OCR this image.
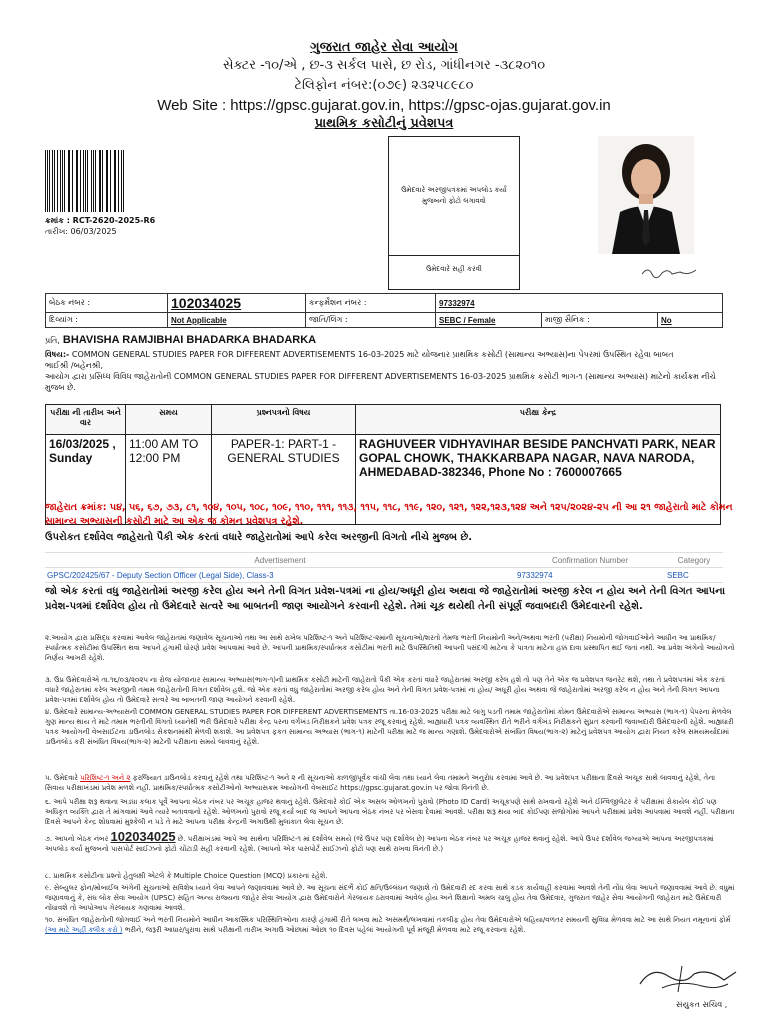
ગુજરાત જાહેર સેવા આયોગ
સેક્ટર -૧૦/એ , છ-૩ સર્કલ પાસે, છ રોડ, ગાંધીનગર -૩૮૨૦૧૦
ટેલિફોન નંબર:(૦૭૯) ૨૩૨૫૮૯૮૦
Web Site : https://gpsc.gujarat.gov.in, https://gpsc-ojas.gujarat.gov.in
પ્રાથમિક કસોટીનું પ્રવેશપત્ર
ક્રમાંક : RCT-2620-2025-R6
તારીખ: 06/03/2025
ઉમેદવારે અરજીપત્રકમાં અપલોડ કર્યા મુજબનો ફોટો લગાવવો
ઉમેદવારે સહી કરવી
બેઠક નંબર :	102034025	કન્ફર્મેશન નંબર :	97332974		
દિવ્યાંગ :	Not Applicable	જાતિ/લિંગ :	SEBC / Female	માજી સૈનિક :	No
પ્રતિ, BHAVISHA RAMJIBHAI BHADARKA BHADARKA
વિષય:- COMMON GENERAL STUDIES PAPER FOR DIFFERENT ADVERTISEMENTS 16-03-2025 માટે યોજનાર પ્રાથમિક કસોટી (સામાન્ય અભ્યાસ)ના પેપરમાં ઉપસ્થિત રહેવા બાબત
ભાઈશ્રી /બહેનશ્રી,
આયોગ દ્વારા પ્રસિધ્ધ વિવિધ જાહેરાતોની COMMON GENERAL STUDIES PAPER FOR DIFFERENT ADVERTISEMENTS 16-03-2025 પ્રાથમિક કસોટી ભાગ-૧ (સામાન્ય અભ્યાસ) માટેનો કાર્યક્રમ નીચે મુજબ છે.
પરીક્ષા ની તારીખ અને વાર	સમય	પ્રશ્નપત્રનો વિષય	પરીક્ષા કેન્દ્ર
16/03/2025 , Sunday	11:00 AM TO 12:00 PM	PAPER-1: PART-1 - GENERAL STUDIES	RAGHUVEER VIDHYAVIHAR BESIDE PANCHVATI PARK, NEAR GOPAL CHOWK, THAKKARBAPA NAGAR, NAVA NARODA, AHMEDABAD-382346, Phone No : 7600007665
જાહેરાત ક્રમાંક: ૫૪, ૫૬, ૬૭, ૭૩, ૮૧, ૧૦૪, ૧૦૫, ૧૦૮, ૧૦૯, ૧૧૦, ૧૧૧, ૧૧૩, ૧૧૫, ૧૧૮, ૧૧૯, ૧૨૦, ૧૨૧, ૧૨૨,૧૨૩,૧૨૪ અને ૧૨૫/૨૦૨૪-૨૫ ની આ ૨૧ જાહેરાતો માટે કોમન સામાન્ય અભ્યાસની કસોટી માટે આ એક જ કોમન પ્રવેશપત્ર રહેશે.
ઉપરોકત દર્શાવેલ જાહેરાતો પૈકી એક કરતાં વધારે જાહેરાતોમાં આપે કરેલ અરજીની વિગતો નીચે મુજબ છે.
Advertisement	Confirmation Number	Category
GPSC/202425/67 - Deputy Section Officer (Legal Side), Class-3	97332974	SEBC
જો એક કરતાં વધુ જાહેરાતોમાં અરજી કરેલ હોય અને તેની વિગત પ્રવેશ-પત્રમાં ના હોય/અધૂરી હોય અથવા જે જાહેરાતોમાં અરજી કરેલ ન હોય અને તેની વિગત આપના પ્રવેશ-પત્રમાં દર્શાવેલ હોય તો ઉમેદવારે સત્વરે આ બાબતની જાણ આયોગને કરવાની રહેશે. તેમાં ચૂક થયેથી તેની સંપૂર્ણ જવાબદારી ઉમેદવારની રહેશે.
૨.આયોગ દ્વારા પ્રસિદ્ધ કરવામાં આવેલ જાહેરાતમાં જણાવેલ સૂચનાઓ તથા આ સાથે રાખેલ પરિશિષ્ટ-૧ અને પરિશિષ્ટ-૨માંની સૂચનાઓ/શરતો તેમજ ભરતી નિયમોની અને/અથવા ભરતી (પરીક્ષા) નિયમોની જોગવાઈઓને આધીન આ પ્રાથમિક/સ્પર્ધાત્મક કસોટીમાં ઉપસ્થિત થવા આપને હંગામી ધોરણે પ્રવેશ આપવામાં આવે છે. આપની પ્રાથમિક/સ્પર્ધાત્મક કસોટીમાં ભરતી માટે ઉપસ્થિતિથી આપની પસંદગી માટેના કે પાત્રતા માટેના હક્ક દાવા પ્રસ્થાપિત થઈ જતાં નથી. આ પ્રવેશ અંગેનો આયોગનો નિર્ણય આખરી રહેશે.
૩. ઉપ્ર ઉમેદવારોએ તા.૧૬/૦૩/૨૦૨૫ ના રોજ યોજાનાર સામાન્ય અભ્યાસ(ભાગ-૧)ની પ્રાથમિક કસોટી માટેની જાહેરાતો પૈકી એક કરતાં વધારે જાહેરાતમાં અરજી કરેલ હશે તો પણ તેને એક જ પ્રવેશપત્ર જનરેટ થશે, તથા તે પ્રવેશપત્રમાં એક કરતાં વધારે જાહેરાતમાં કરેલ અરજીની તમામ જાહેરાતોની વિગત દર્શાવેલ હશે. જો એક કરતાં વધુ જાહેરાતોમાં અરજી કરેલ હોય અને તેની વિગત પ્રવેશ-પત્રમાં ના હોય/ અધૂરી હોય અથવા જે જાહેરાતોમાં અરજી કરેલ ન હોય અને તેની વિગત આપના પ્રવેશ-પત્રમાં દર્શાવેલ હોય તો ઉમેદવારે સત્વરે આ બાબતની જાણ આયોગને કરવાની રહેશે.
૪. ઉમેદવારે સામાન્ય-અભ્યાસની COMMON GENERAL STUDIES PAPER FOR DIFFERENT ADVERTISEMENTS તા.16-03-2025 પરીક્ષા માટે લાગુ પડતી તમામ જાહેરાતોમાં કોમન ઉમેદવારોએ સામાન્ય અભ્યાસ (ભાગ-૧) પેપરના મેળવેલ ગુણ માન્ય થાય તે માટે તમામ ભરતીની વિગતો ધ્યાનેથી ભરી ઉમેદવારે પરીક્ષા કેન્દ્ર પરના વર્ગખંડ નિરીક્ષકને પ્રવેશ પત્રક રજૂ કરવાનું રહેશે. બાહ્યધારી પત્રક વ્યવસ્થિત રીતે ભરીને વર્ગખંડ નિરીક્ષકને સુપ્રત કરવાની જવાબદારી ઉમેદવારની રહેશે. બાહ્યધારી પત્રક આયોગની વેબસાઈટના ડાઉનલોડ સેકશનમાંથી મેળવી શકાશે. આ પ્રવેશપત્ર ફકત સામાન્ય અભ્યાસ (ભાગ-૧) માટેની પરીક્ષા માટે જ માન્ય ગણાશે. ઉમેદવારોએ સંબંધિત વિષય(ભાગ-૨) માટેનું પ્રવેશપત્ર આયોગ દ્વારા નિયત કરેલ સમયમર્યાદામાં ડાઉનલોડ કરી સંબંધિત વિષય(ભાગ-૨) માટેની પરીક્ષાના સમયે લાવવાનું રહેશે.
૫. ઉમેદવારે પરિશિષ્ટ-૧ અને ૨ ફરજિયાત ડાઉનલોડ કરવાનું રહેશે તથા પરિશિષ્ટ-૧ અને ૨ ની સૂચનાઓ કાળજીપૂર્વક વાંચી લેવા તથા ધ્યાને લેવા તમામને અનુરોધ કરવામાં આવે છે. આ પ્રવેશપત્ર પરીક્ષાના દિવસે અચૂક સાથે લાવવાનું રહેશે, તેના સિવાય પરીક્ષાખંડમાં પ્રવેશ મળશે નહીં. પ્રાથમિક/સ્પર્ધાત્મક કસોટીઓનો અભ્યાસક્રમ આયોગની વેબસાઈટ https://gpsc.gujarat.gov.in પર જોવા વિનંતી છે.
૬. આપે પરીક્ષા શરૂ થવાના અડધા કલાક પૂર્વે આપના બેઠક નંબર પર અચૂક હાજર થવાનું રહેશે. ઉમેદવારે કોઈ એક અસલ ઓળખનો પુરાવો (Photo ID Card) અચૂકપણે સાથે રાખવાનો રહેશે અને ઈન્વિજીલેટર કે પરીક્ષામાં રોકાયેલ કોઈ પણ અધિકૃત વ્યક્તિ દ્વારા તે માંગવામાં આવે ત્યારે બતાવવાનો રહેશે. ઓળખનો પુરાવો રજૂ કર્યા બાદ જ આપને આપના બેઠક નંબર પર બેસવા દેવામાં આવશે. પરીક્ષા શરૂ થયા બાદ કોઈપણ સંજોગોમાં આપને પરીક્ષામાં પ્રવેશ આપવામાં આવશે નહીં. પરીક્ષાના દિવસે આપને કેન્દ્ર શોધવામાં મુશ્કેલી ન પડે તે માટે આપના પરીક્ષા કેન્દ્રની અગાઉથી મુલાકાત લેવા સૂચન છે.
૭. આપનો બેઠક નંબર 102034025 છે. પરીક્ષાખંડમાં આપે આ સાથેના પરિશિષ્ટ-૧ માં દર્શાવેલ સમયે (જે ઉપર પણ દર્શાવેલ છે) આપના બેઠક નંબર પર અચૂક હાજર થવાનું રહેશે. આપે ઉપર દર્શાવેલ જગ્યાએ આપના અરજીપત્રકમાં અપલોડ કર્યા મુજબનો પાસપોર્ટ સાઈઝનો ફોટો ચોંટાડી સહી કરવાની રહેશે. (આપનો એક પાસપોર્ટ સાઈઝનો ફોટો પણ સાથે રાખવા વિનંતી છે.)
૮. પ્રાથમિક કસોટીના પ્રશ્નો હેતુલક્ષી એટલે કે Multiple Choice Question (MCQ) પ્રકારના રહેશે.
૯. સેલ્યુલર ફોન/મોબાઈલ અંગેની સૂચનાઓ સવિશેષ ધ્યાને લેવા આપને જણાવવામાં આવે છે. આ સૂચના સંદર્ભે કોઈ ક્ષતિ/ઉલ્લંઘન જણાશે તો ઉમેદવારી રદ કરવા સાથે કડક કાર્યવાહી કરવામાં આવશે તેની નોંધ લેવા આપને જણાવવામાં આવે છે. વધુમાં જણાવવાનું કે, સંઘ લોક સેવા આયોગ (UPSC) સહિત અન્ય રાજ્યના જાહેર સેવા આયોગ દ્વારા ઉમેદવારોને ગેરલાયક ઠરાવવામાં આવેલ હોય અને શિક્ષાનો અમલ ચાલુ હોય તેવા ઉમેદવાર, ગુજરાત જાહેર સેવા આયોગની જાહેરાત માટે ઉમેદવારી નોંધાવશે તો આપોઆપ ગેરલાયક ગણવામાં આવશે.
૧૦. સંબંધિત જાહેરાતોની જોગવાઈ અને ભરતી નિયમોને આધીન આકસ્મિક પરિસ્થિતિઓના કારણે હંગામી રીતે લખવા માટે અસમર્થ/લખવામાં તકલીફ હોય તેવા ઉમેદવારોએ લહિયા/વળતર સમયની સુવિધા મેળવવા માટે આ સાથે નિયત નમૂનાનાં ફોર્મ (આ માટે અહીં ક્લીક કરો ) ભરીને, જરૂરી આધાર/પુરાવા સાથે પરીક્ષાની તારીખ અગાઉ ઓછામાં ઓછા ૧૦ દિવસ પહેલાં આયોગની પૂર્વ મંજૂરી મેળવવા માટે રજૂ કરવાના રહેશે.
સંયુકત સચિવ ,
